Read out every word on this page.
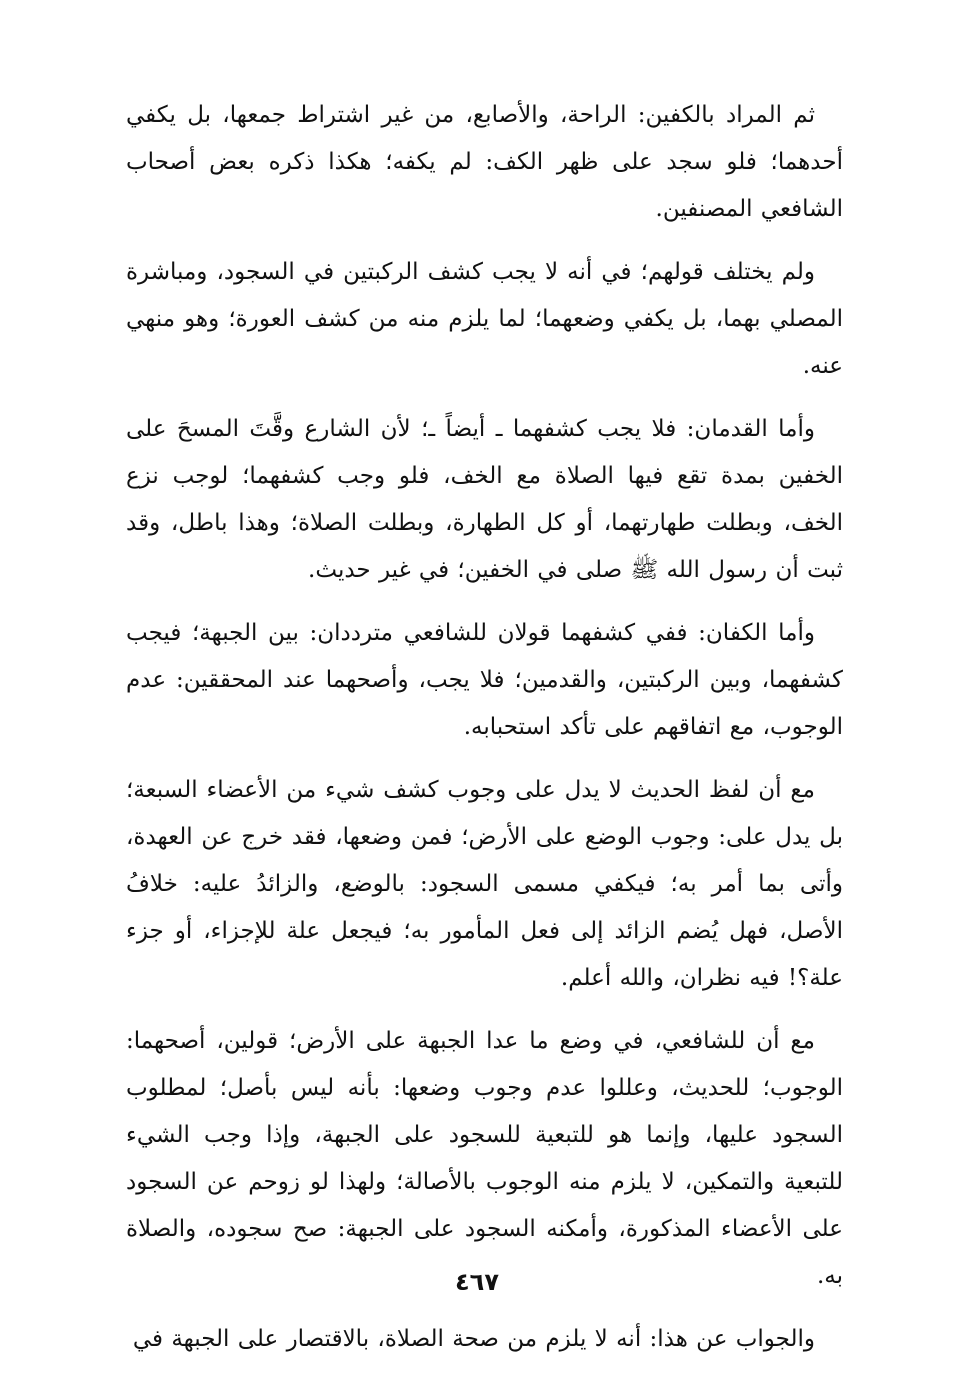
ثم المراد بالكفين: الراحة، والأصابع، من غير اشتراط جمعها، بل يكفي أحدهما؛ فلو سجد على ظهر الكف: لم يكفه؛ هكذا ذكره بعض أصحاب الشافعي المصنفين.

ولم يختلف قولهم؛ في أنه لا يجب كشف الركبتين في السجود، ومباشرة المصلي بهما، بل يكفي وضعهما؛ لما يلزم منه من كشف العورة؛ وهو منهي عنه.

وأما القدمان: فلا يجب كشفهما ـ أيضاً ـ؛ لأن الشارع وقَّتَ المسحَ على الخفين بمدة تقع فيها الصلاة مع الخف، فلو وجب كشفهما؛ لوجب نزع الخف، وبطلت طهارتهما، أو كل الطهارة، وبطلت الصلاة؛ وهذا باطل، وقد ثبت أن رسول الله ﷺ صلى في الخفين؛ في غير حديث.

وأما الكفان: ففي كشفهما قولان للشافعي مترددان: بين الجبهة؛ فيجب كشفهما، وبين الركبتين، والقدمين؛ فلا يجب، وأصحهما عند المحققين: عدم الوجوب، مع اتفاقهم على تأكد استحبابه.

مع أن لفظ الحديث لا يدل على وجوب كشف شيء من الأعضاء السبعة؛ بل يدل على: وجوب الوضع على الأرض؛ فمن وضعها، فقد خرج عن العهدة، وأتى بما أمر به؛ فيكفي مسمى السجود: بالوضع، والزائدُ عليه: خلافُ الأصل، فهل يُضم الزائد إلى فعل المأمور به؛ فيجعل علة للإجزاء، أو جزء علة؟! فيه نظران، والله أعلم.

مع أن للشافعي، في وضع ما عدا الجبهة على الأرض؛ قولين، أصحهما: الوجوب؛ للحديث، وعللوا عدم وجوب وضعها: بأنه ليس بأصل؛ لمطلوب السجود عليها، وإنما هو للتبعية للسجود على الجبهة، وإذا وجب الشيء للتبعية والتمكين، لا يلزم منه الوجوب بالأصالة؛ ولهذا لو زوحم عن السجود على الأعضاء المذكورة، وأمكنه السجود على الجبهة: صح سجوده، والصلاة به.

والجواب عن هذا: أنه لا يلزم من صحة الصلاة، بالاقتصار على الجبهة في

٤٦٧
